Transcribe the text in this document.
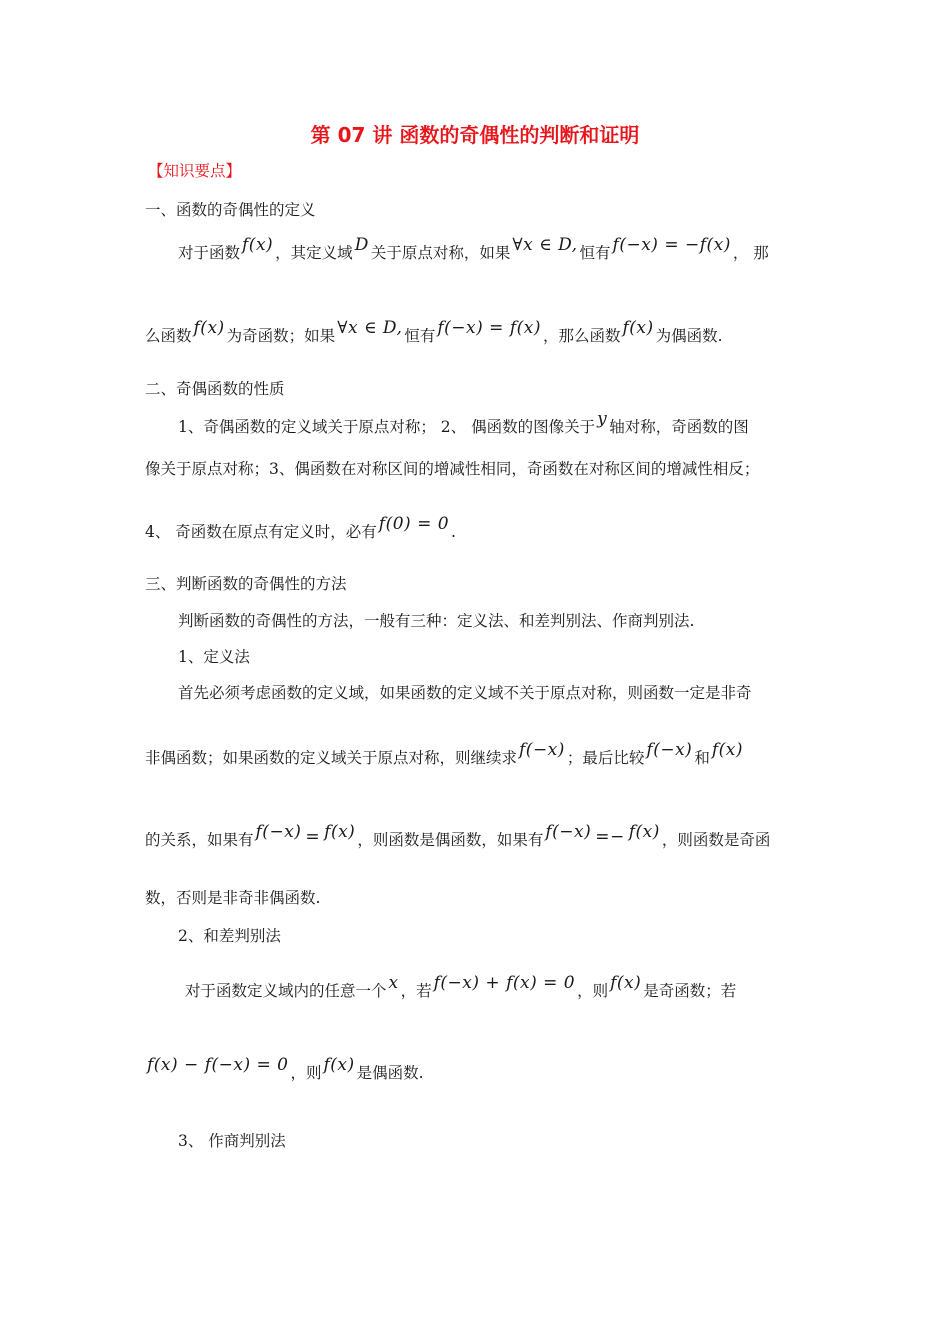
第 07 讲 函数的奇偶性的判断和证明
【知识要点】
一、函数的奇偶性的定义
对于函数 f(x) ，其定义域 D 关于原点对称，如果 ∀x ∈ D, 恒有 f(−x) = −f(x) ， 那
么函数 f(x) 为奇函数；如果 ∀x ∈ D, 恒有 f(−x) = f(x) ，那么函数 f(x) 为偶函数.
二、奇偶函数的性质
1、奇偶函数的定义域关于原点对称； 2、 偶函数的图像关于 y 轴对称，奇函数的图
像关于原点对称；3、偶函数在对称区间的增减性相同，奇函数在对称区间的增减性相反；
4、 奇函数在原点有定义时，必有 f(0) = 0 .
三、判断函数的奇偶性的方法
判断函数的奇偶性的方法，一般有三种：定义法、和差判别法、作商判别法.
1、定义法
首先必须考虑函数的定义域，如果函数的定义域不关于原点对称，则函数一定是非奇
非偶函数；如果函数的定义域关于原点对称，则继续求 f(−x) ；最后比较 f(−x) 和 f(x)
的关系，如果有 f(−x) = f(x) ，则函数是偶函数，如果有 f(−x) =− f(x) ，则函数是奇函
数，否则是非奇非偶函数.
2、和差判别法
对于函数定义域内的任意一个 x ，若 f(−x) + f(x) = 0 ，则 f(x) 是奇函数；若
f(x) − f(−x) = 0 ，则 f(x) 是偶函数.
3、 作商判别法
